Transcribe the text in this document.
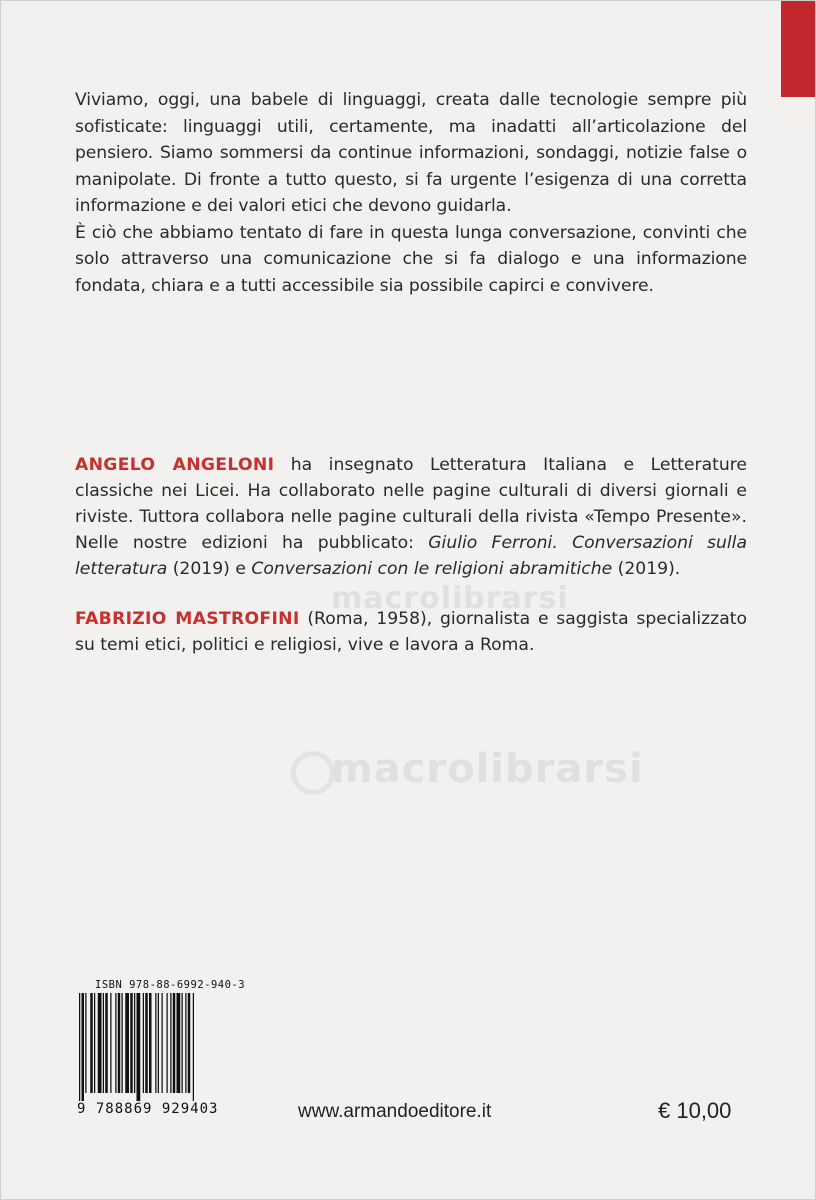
Viviamo, oggi, una babele di linguaggi, creata dalle tecnologie sempre più sofisticate: linguaggi utili, certamente, ma inadatti all’articolazione del pensiero. Siamo sommersi da continue informazioni, sondaggi, notizie false o manipolate. Di fronte a tutto questo, si fa urgente l’esigenza di una corretta informazione e dei valori etici che devono guidarla.

È ciò che abbiamo tentato di fare in questa lunga conversazione, convinti che solo attraverso una comunicazione che si fa dialogo e una informazione fondata, chiara e a tutti accessibile sia possibile capirci e convivere.

ANGELO ANGELONI ha insegnato Letteratura Italiana e Letterature classiche nei Licei. Ha collaborato nelle pagine culturali di diversi giornali e riviste. Tuttora collabora nelle pagine culturali della rivista «Tempo Presente». Nelle nostre edizioni ha pubblicato: Giulio Ferroni. Conversazioni sulla letteratura (2019) e Conversazioni con le religioni abramitiche (2019).
FABRIZIO MASTROFINI (Roma, 1958), giornalista e saggista specializzato su temi etici, politici e religiosi, vive e lavora a Roma.
macrolibrarsi
macrolibrarsi
ISBN 978-88-6992-940-3
9 788869 929403	www.armandoeditore.it	€ 10,00
